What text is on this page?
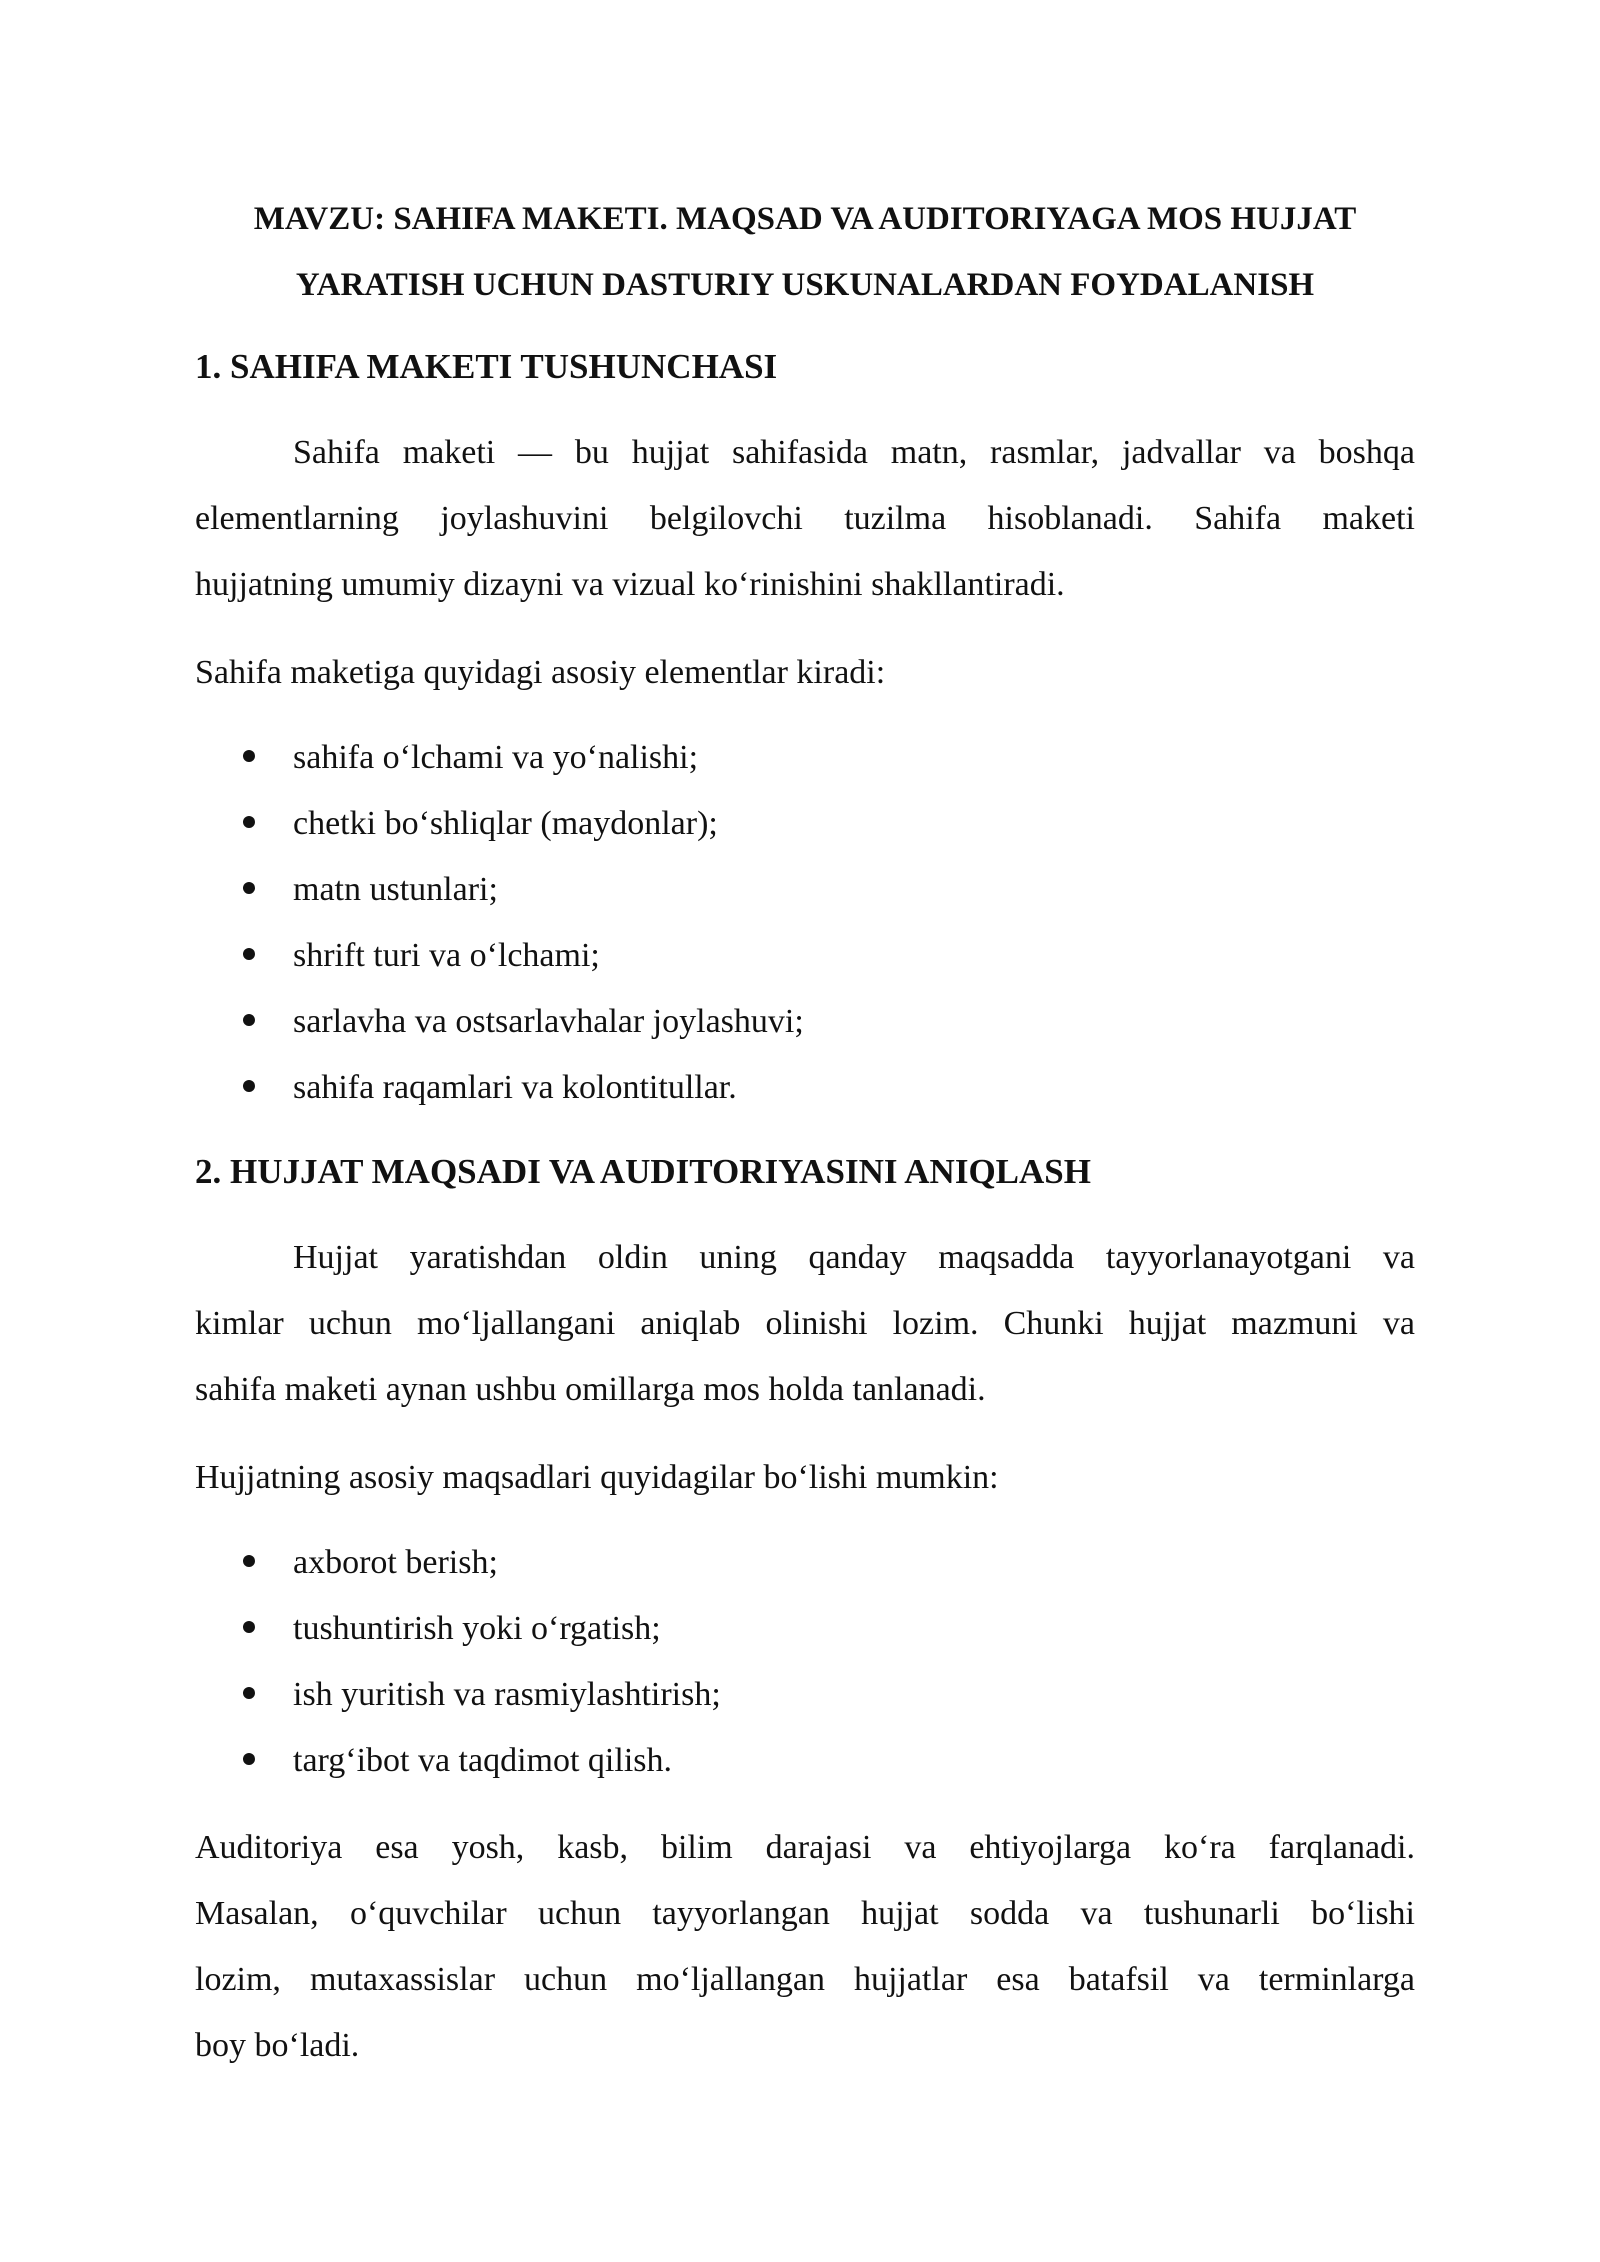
MAVZU: SAHIFA MAKETI. MAQSAD VA AUDITORIYAGA MOS HUJJAT
YARATISH UCHUN DASTURIY USKUNALARDAN FOYDALANISH
1. SAHIFA MAKETI TUSHUNCHASI
Sahifa maketi — bu hujjat sahifasida matn, rasmlar, jadvallar va boshqa
elementlarning joylashuvini belgilovchi tuzilma hisoblanadi. Sahifa maketi
hujjatning umumiy dizayni va vizual ko‘rinishini shakllantiradi.
Sahifa maketiga quyidagi asosiy elementlar kiradi:
sahifa o‘lchami va yo‘nalishi;
chetki bo‘shliqlar (maydonlar);
matn ustunlari;
shrift turi va o‘lchami;
sarlavha va ostsarlavhalar joylashuvi;
sahifa raqamlari va kolontitullar.
2. HUJJAT MAQSADI VA AUDITORIYASINI ANIQLASH
Hujjat yaratishdan oldin uning qanday maqsadda tayyorlanayotgani va
kimlar uchun mo‘ljallangani aniqlab olinishi lozim. Chunki hujjat mazmuni va
sahifa maketi aynan ushbu omillarga mos holda tanlanadi.
Hujjatning asosiy maqsadlari quyidagilar bo‘lishi mumkin:
axborot berish;
tushuntirish yoki o‘rgatish;
ish yuritish va rasmiylashtirish;
targ‘ibot va taqdimot qilish.
Auditoriya esa yosh, kasb, bilim darajasi va ehtiyojlarga ko‘ra farqlanadi.
Masalan, o‘quvchilar uchun tayyorlangan hujjat sodda va tushunarli bo‘lishi
lozim, mutaxassislar uchun mo‘ljallangan hujjatlar esa batafsil va terminlarga
boy bo‘ladi.
